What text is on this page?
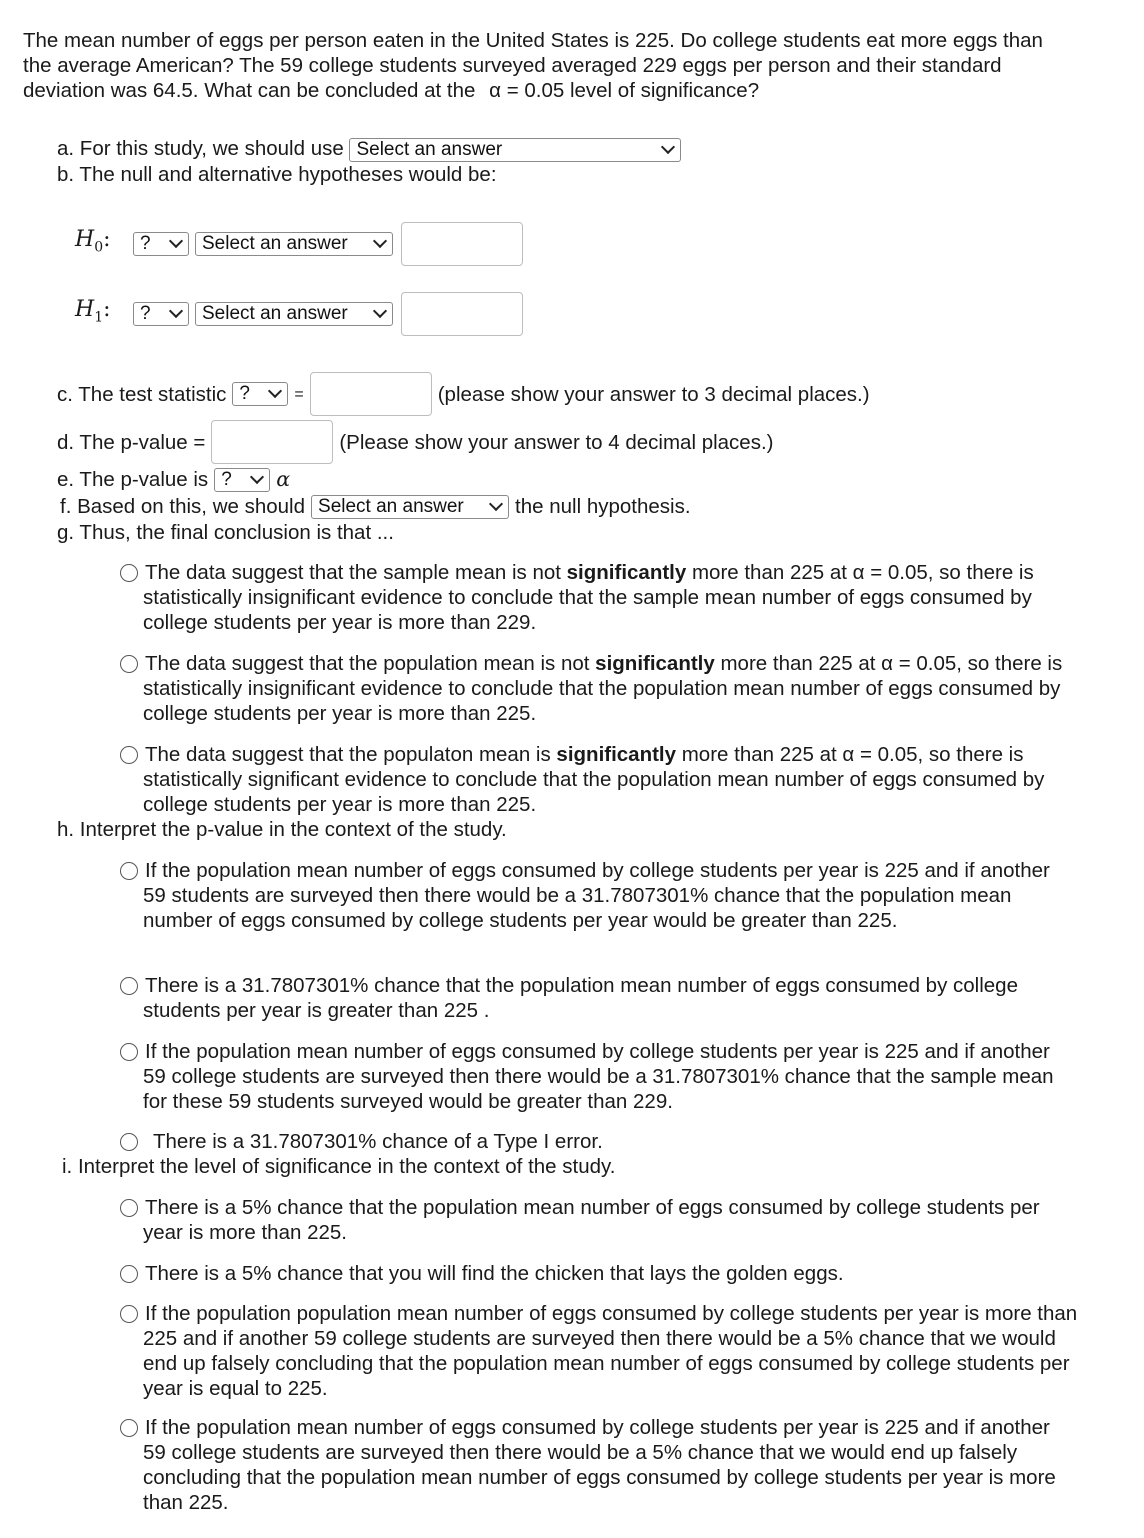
The mean number of eggs per person eaten in the United States is 225. Do college students eat more eggs than the average American? The 59 college students surveyed averaged 229 eggs per person and their standard deviation was 64.5. What can be concluded at the α = 0.05 level of significance?
a. For this study, we should use Select an answer
b. The null and alternative hypotheses would be:
$H_0$:	?	Select an answer
$H_1$:	?	Select an answer
c. The test statistic ?	=	(please show your answer to 3 decimal places.)
d. The p-value =	(Please show your answer to 4 decimal places.)
e. The p-value is ?	α
f. Based on this, we should Select an answer	the null hypothesis.
g. Thus, the final conclusion is that ...
h. Interpret the p-value in the context of the study.
i. Interpret the level of significance in the context of the study.
The data suggest that the sample mean is not significantly more than 225 at α = 0.05, so there is statistically insignificant evidence to conclude that the sample mean number of eggs consumed by college students per year is more than 229.
The data suggest that the population mean is not significantly more than 225 at α = 0.05, so there is statistically insignificant evidence to conclude that the population mean number of eggs consumed by college students per year is more than 225.
The data suggest that the populaton mean is significantly more than 225 at α = 0.05, so there is statistically significant evidence to conclude that the population mean number of eggs consumed by college students per year is more than 225.
If the population mean number of eggs consumed by college students per year is 225 and if another 59 students are surveyed then there would be a 31.7807301% chance that the population mean number of eggs consumed by college students per year would be greater than 225.
There is a 31.7807301% chance that the population mean number of eggs consumed by college students per year is greater than 225 .
If the population mean number of eggs consumed by college students per year is 225 and if another 59 college students are surveyed then there would be a 31.7807301% chance that the sample mean for these 59 students surveyed would be greater than 229.
There is a 31.7807301% chance of a Type I error.
There is a 5% chance that the population mean number of eggs consumed by college students per year is more than 225.
There is a 5% chance that you will find the chicken that lays the golden eggs.
If the population population mean number of eggs consumed by college students per year is more than 225 and if another 59 college students are surveyed then there would be a 5% chance that we would end up falsely concluding that the population mean number of eggs consumed by college students per year is equal to 225.
If the population mean number of eggs consumed by college students per year is 225 and if another 59 college students are surveyed then there would be a 5% chance that we would end up falsely concluding that the population mean number of eggs consumed by college students per year is more than 225.
